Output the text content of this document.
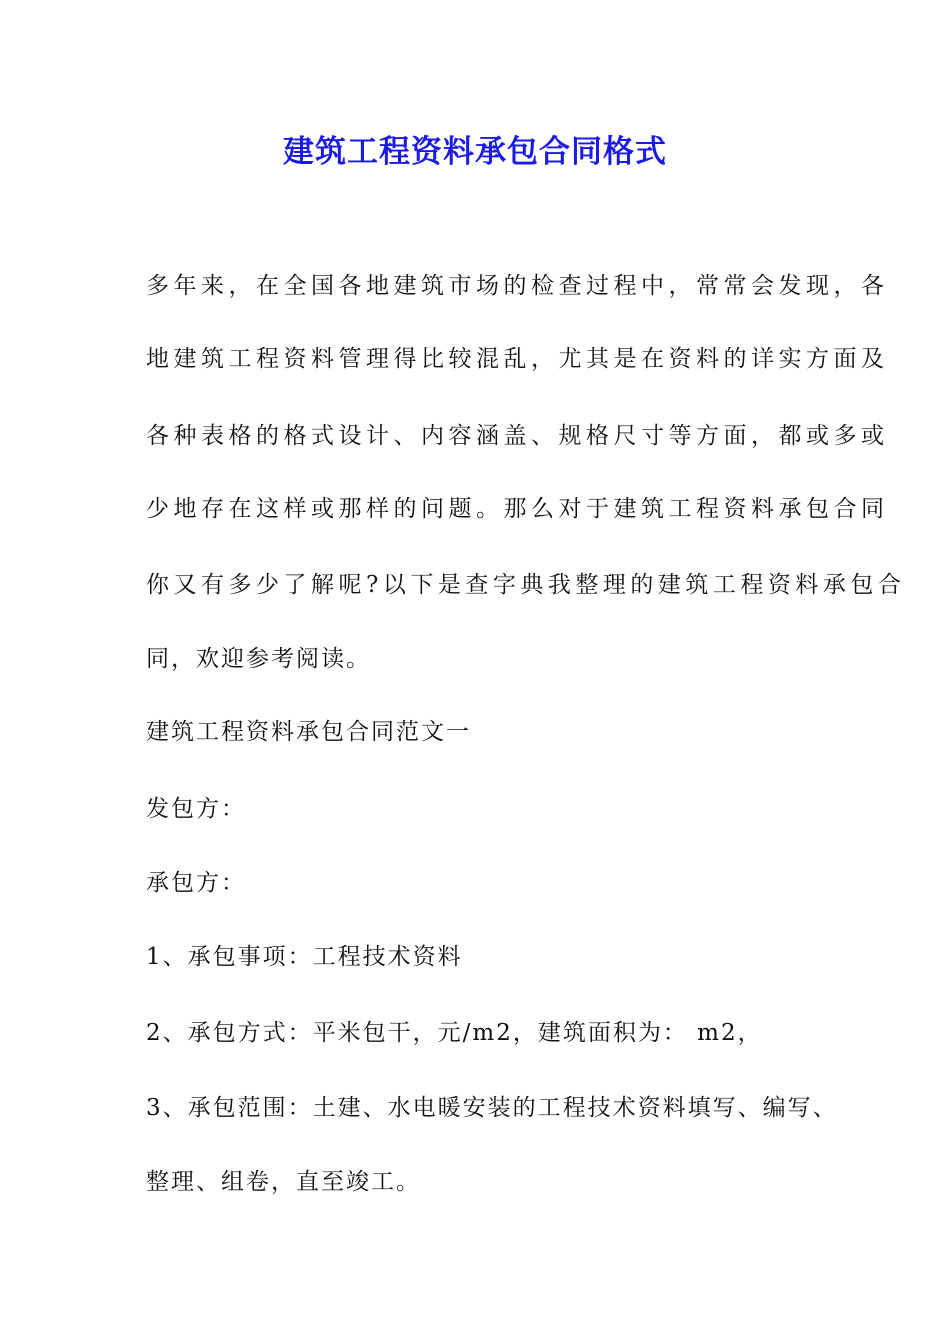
建筑工程资料承包合同格式
多年来，在全国各地建筑市场的检查过程中，常常会发现，各
地建筑工程资料管理得比较混乱，尤其是在资料的详实方面及
各种表格的格式设计、内容涵盖、规格尺寸等方面，都或多或
少地存在这样或那样的问题。那么对于建筑工程资料承包合同
你又有多少了解呢?以下是查字典我整理的建筑工程资料承包合
同，欢迎参考阅读。
建筑工程资料承包合同范文一
发包方：
承包方：
1、承包事项：工程技术资料
2、承包方式：平米包干，元/m2，建筑面积为： m2，
3、承包范围：土建、水电暖安装的工程技术资料填写、编写、
整理、组卷，直至竣工。
